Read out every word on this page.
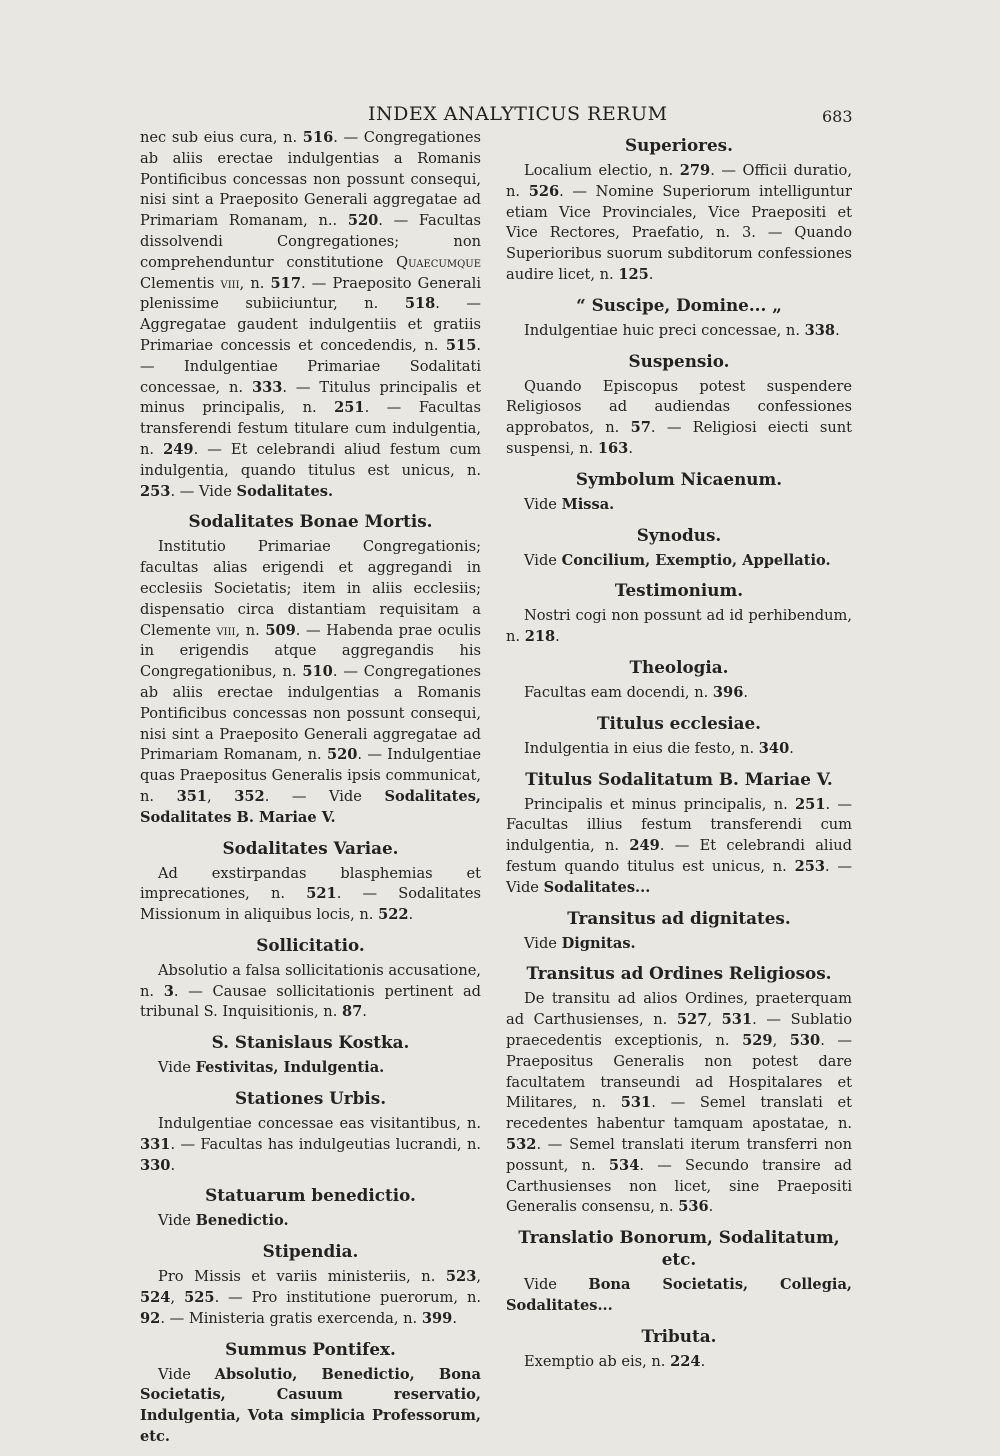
INDEX ANALYTICUS RERUM	683

nec sub eius cura, n. 516. — Congregationes ab aliis erectae indulgentias a Romanis Pontificibus concessas non possunt consequi, nisi sint a Praeposito Generali aggregatae ad Primariam Romanam, n.. 520. — Facultas dissolvendi Congregationes; non comprehenduntur constitutione Quaecumque Clementis viii, n. 517. — Praeposito Generali plenissime subiiciuntur, n. 518. — Aggregatae gaudent indulgentiis et gratiis Primariae concessis et concedendis, n. 515. — Indulgentiae Primariae Sodalitati concessae, n. 333. — Titulus principalis et minus principalis, n. 251. — Facultas transferendi festum titulare cum indulgentia, n. 249. — Et celebrandi aliud festum cum indulgentia, quando titulus est unicus, n. 253. — Vide Sodalitates.

Sodalitates Bonae Mortis.

Institutio Primariae Congregationis; facultas alias erigendi et aggregandi in ecclesiis Societatis; item in aliis ecclesiis; dispensatio circa distantiam requisitam a Clemente viii, n. 509. — Habenda prae oculis in erigendis atque aggregandis his Congregationibus, n. 510. — Congregationes ab aliis erectae indulgentias a Romanis Pontificibus concessas non possunt consequi, nisi sint a Praeposito Generali aggregatae ad Primariam Romanam, n. 520. — Indulgentiae quas Praepositus Generalis ipsis communicat, n. 351, 352. — Vide Sodalitates, Sodalitates B. Mariae V.

Sodalitates Variae.

Ad exstirpandas blasphemias et imprecationes, n. 521. — Sodalitates Missionum in aliquibus locis, n. 522.

Sollicitatio.

Absolutio a falsa sollicitationis accusatione, n. 3. — Causae sollicitationis pertinent ad tribunal S. Inquisitionis, n. 87.

S. Stanislaus Kostka.

Vide Festivitas, Indulgentia.

Stationes Urbis.

Indulgentiae concessae eas visitantibus, n. 331. — Facultas has indulgeutias lucrandi, n. 330.

Statuarum benedictio.

Vide Benedictio.

Stipendia.

Pro Missis et variis ministeriis, n. 523, 524, 525. — Pro institutione puerorum, n. 92. — Ministeria gratis exercenda, n. 399.

Summus Pontifex.

Vide Absolutio, Benedictio, Bona Societatis, Casuum reservatio, Indulgentia, Vota simplicia Professorum, etc.

Superiores.

Localium electio, n. 279. — Officii duratio, n. 526. — Nomine Superiorum intelliguntur etiam Vice Provinciales, Vice Praepositi et Vice Rectores, Praefatio, n. 3. — Quando Superioribus suorum subditorum confessiones audire licet, n. 125.

“ Suscipe, Domine... „

Indulgentiae huic preci concessae, n. 338.

Suspensio.

Quando Episcopus potest suspendere Religiosos ad audiendas confessiones approbatos, n. 57. — Religiosi eiecti sunt suspensi, n. 163.

Symbolum Nicaenum.

Vide Missa.

Synodus.

Vide Concilium, Exemptio, Appellatio.

Testimonium.

Nostri cogi non possunt ad id perhibendum, n. 218.

Theologia.

Facultas eam docendi, n. 396.

Titulus ecclesiae.

Indulgentia in eius die festo, n. 340.

Titulus Sodalitatum B. Mariae V.

Principalis et minus principalis, n. 251. — Facultas illius festum transferendi cum indulgentia, n. 249. — Et celebrandi aliud festum quando titulus est unicus, n. 253. — Vide Sodalitates...

Transitus ad dignitates.

Vide Dignitas.

Transitus ad Ordines Religiosos.

De transitu ad alios Ordines, praeterquam ad Carthusienses, n. 527, 531. — Sublatio praecedentis exceptionis, n. 529, 530. — Praepositus Generalis non potest dare facultatem transeundi ad Hospitalares et Militares, n. 531. — Semel translati et recedentes habentur tamquam apostatae, n. 532. — Semel translati iterum transferri non possunt, n. 534. — Secundo transire ad Carthusienses non licet, sine Praepositi Generalis consensu, n. 536.

Translatio Bonorum, Sodalitatum, etc.

Vide Bona Societatis, Collegia, Sodalitates...

Tributa.

Exemptio ab eis, n. 224.
